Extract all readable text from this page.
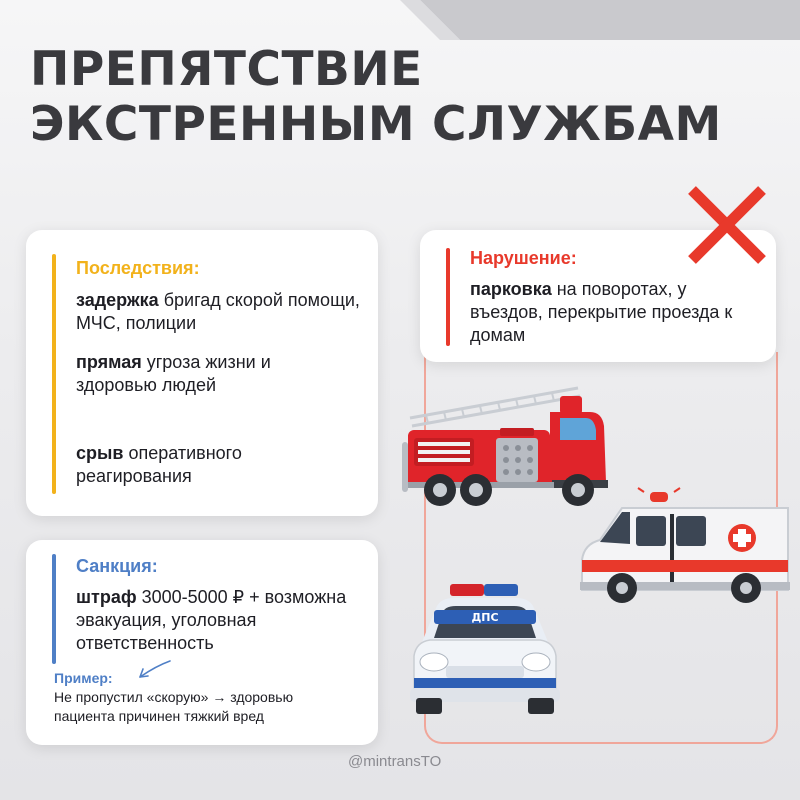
ПРЕПЯТСТВИЕ
ЭКСТРЕННЫМ СЛУЖБАМ
Последствия:
задержка бригад скорой помощи, МЧС, полиции
прямая угроза жизни и здоровью людей
срыв оперативного реагирования
Нарушение:
парковка на поворотах, у въездов, перекрытие проезда к домам
Санкция:
штраф 3000-5000 ₽ + возможна эвакуация, уголовная ответственность
Пример:
Не пропустил «скорую» → здоровью
пациента причинен тяжкий вред
ДПС
@mintransTO
